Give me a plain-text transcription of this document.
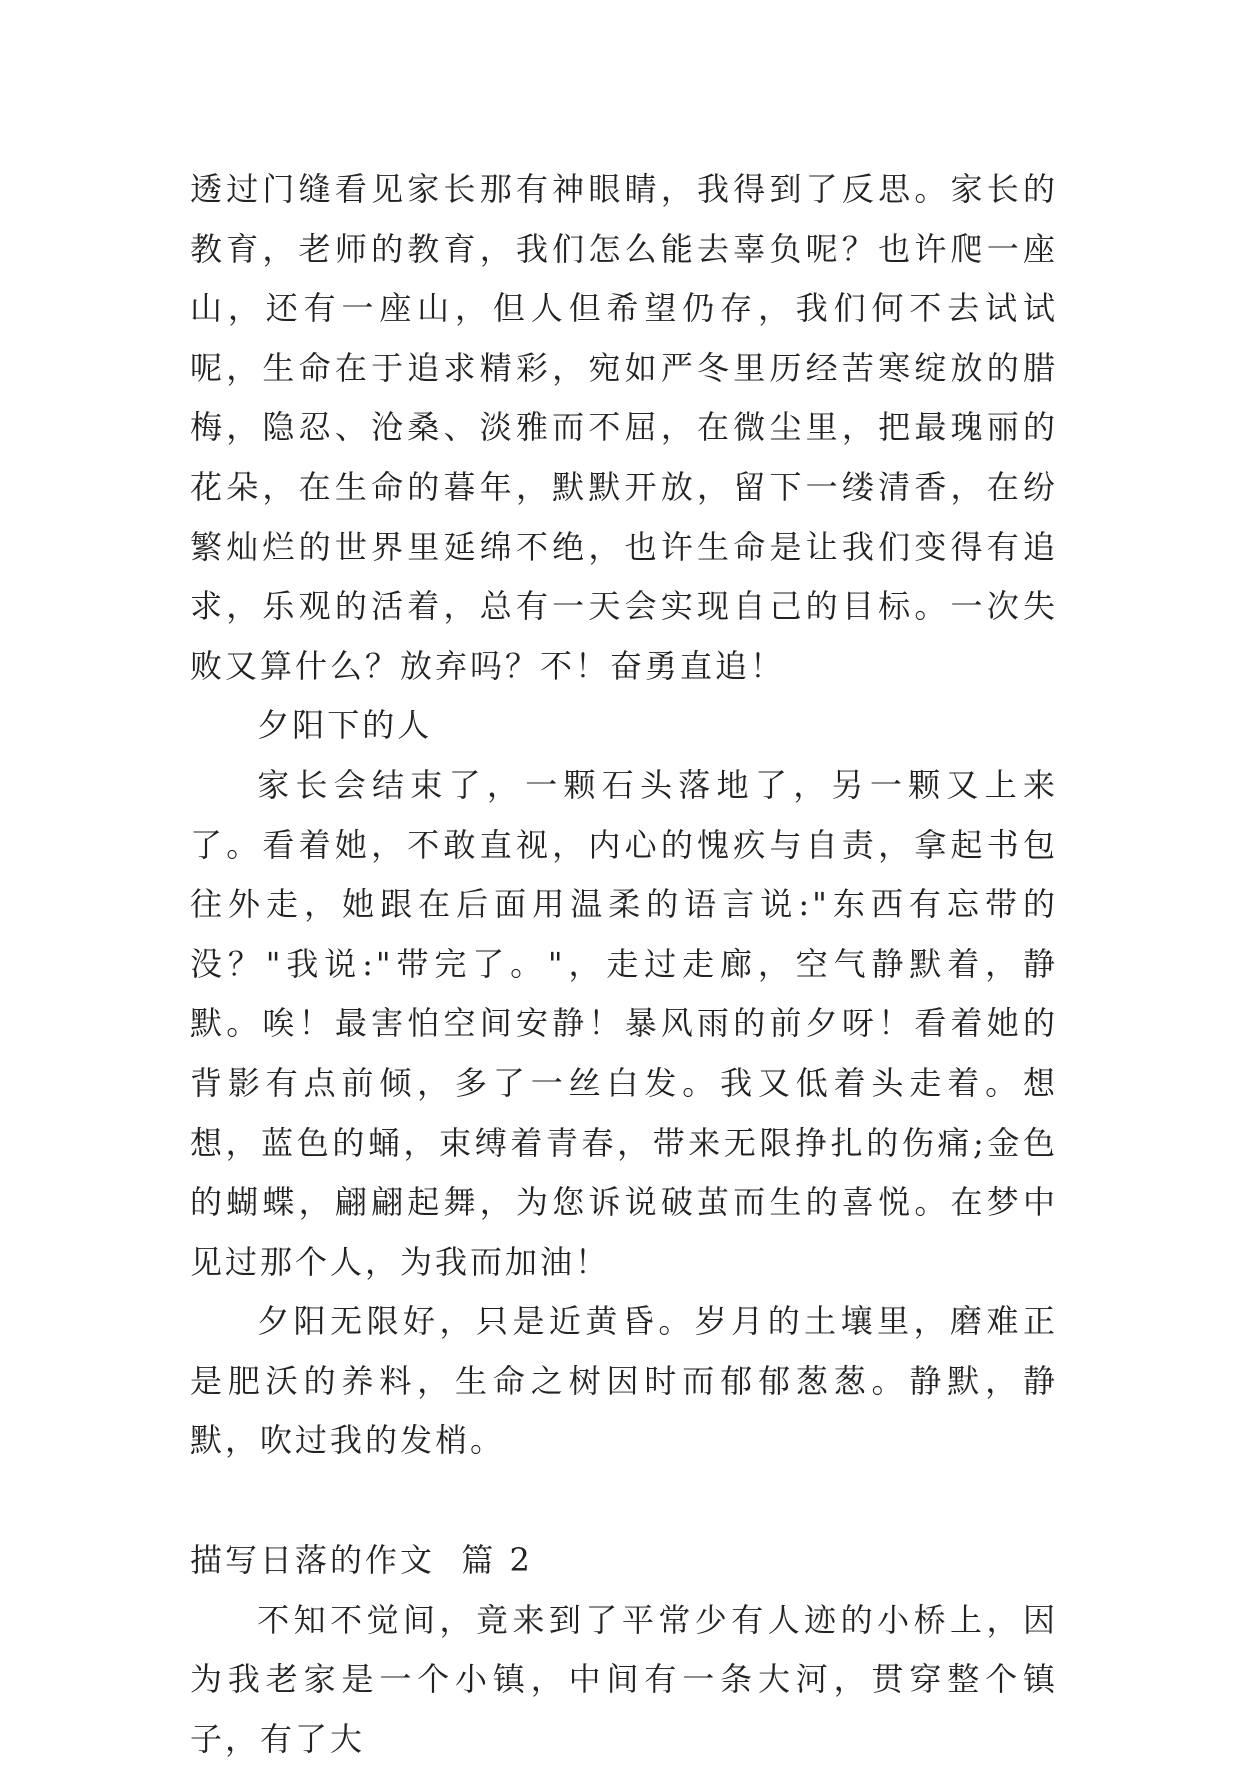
透过门缝看见家长那有神眼睛，我得到了反思。家长的教育，老师的教育，我们怎么能去辜负呢？也许爬一座山，还有一座山，但人但希望仍存，我们何不去试试呢，生命在于追求精彩，宛如严冬里历经苦寒绽放的腊梅，隐忍、沧桑、淡雅而不屈，在微尘里，把最瑰丽的花朵，在生命的暮年，默默开放，留下一缕清香，在纷繁灿烂的世界里延绵不绝，也许生命是让我们变得有追求，乐观的活着，总有一天会实现自己的目标。一次失败又算什么？放弃吗？不！奋勇直追！

夕阳下的人

家长会结束了，一颗石头落地了，另一颗又上来了。看着她，不敢直视，内心的愧疚与自责，拿起书包往外走，她跟在后面用温柔的语言说:"东西有忘带的没？"我说:"带完了。"，走过走廊，空气静默着，静默。唉！最害怕空间安静！暴风雨的前夕呀！看着她的背影有点前倾，多了一丝白发。我又低着头走着。想想，蓝色的蛹，束缚着青春，带来无限挣扎的伤痛;金色的蝴蝶，翩翩起舞，为您诉说破茧而生的喜悦。在梦中见过那个人，为我而加油！

夕阳无限好，只是近黄昏。岁月的土壤里，磨难正是肥沃的养料，生命之树因时而郁郁葱葱。静默，静默，吹过我的发梢。

描写日落的作文  篇 2

不知不觉间，竟来到了平常少有人迹的小桥上，因为我老家是一个小镇，中间有一条大河，贯穿整个镇子，有了大
